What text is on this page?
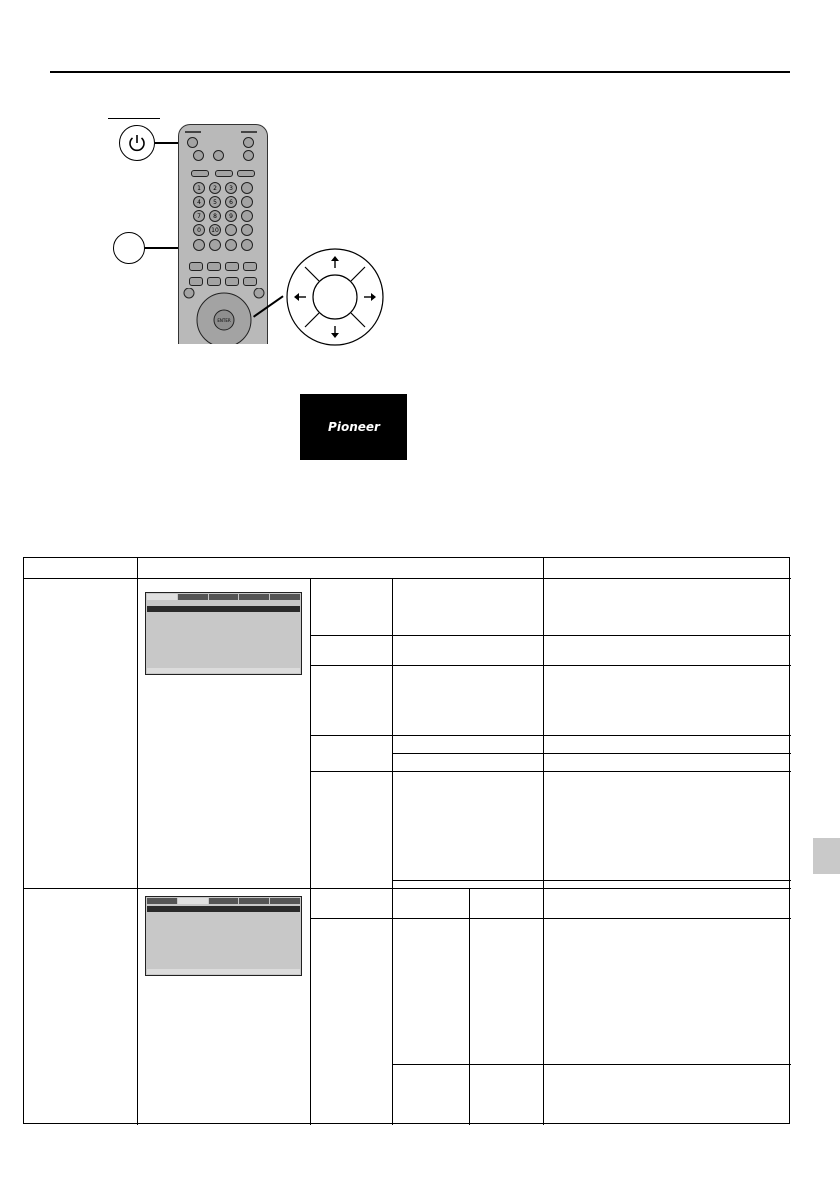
1 2 3
4 5 6
7 8 9
0 10
ENTER
Pioneer
